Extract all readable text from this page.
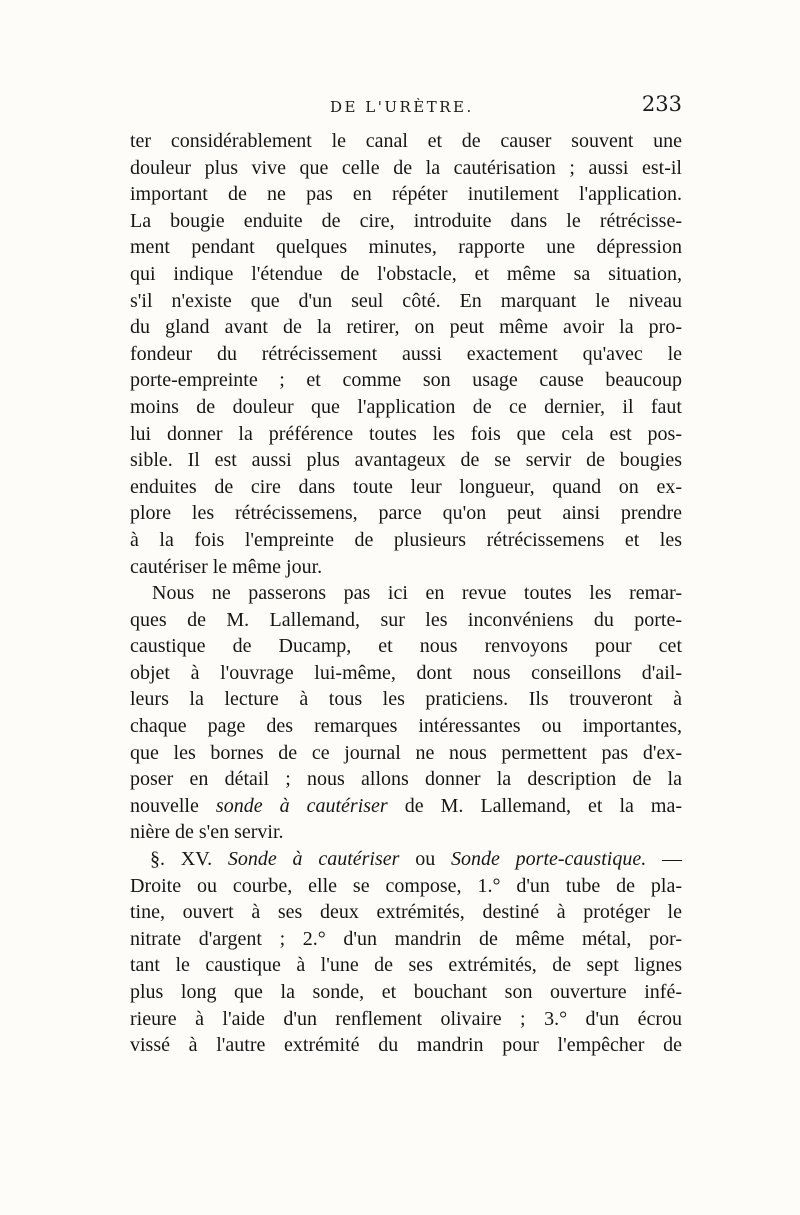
DE L'URÈTRE.	233
ter considérablement le canal et de causer souvent une
douleur plus vive que celle de la cautérisation ; aussi est-il
important de ne pas en répéter inutilement l'application.
La bougie enduite de cire, introduite dans le rétrécisse-
ment pendant quelques minutes, rapporte une dépression
qui indique l'étendue de l'obstacle, et même sa situation,
s'il n'existe que d'un seul côté. En marquant le niveau
du gland avant de la retirer, on peut même avoir la pro-
fondeur du rétrécissement aussi exactement qu'avec le
porte-empreinte ; et comme son usage cause beaucoup
moins de douleur que l'application de ce dernier, il faut
lui donner la préférence toutes les fois que cela est pos-
sible. Il est aussi plus avantageux de se servir de bougies
enduites de cire dans toute leur longueur, quand on ex-
plore les rétrécissemens, parce qu'on peut ainsi prendre
à la fois l'empreinte de plusieurs rétrécissemens et les
cautériser le même jour.
Nous ne passerons pas ici en revue toutes les remar-
ques de M. Lallemand, sur les inconvéniens du porte-
caustique de Ducamp, et nous renvoyons pour cet
objet à l'ouvrage lui-même, dont nous conseillons d'ail-
leurs la lecture à tous les praticiens. Ils trouveront à
chaque page des remarques intéressantes ou importantes,
que les bornes de ce journal ne nous permettent pas d'ex-
poser en détail ; nous allons donner la description de la
nouvelle sonde à cautériser de M. Lallemand, et la ma-
nière de s'en servir.
§. XV. Sonde à cautériser ou Sonde porte-caustique. —
Droite ou courbe, elle se compose, 1.° d'un tube de pla-
tine, ouvert à ses deux extrémités, destiné à protéger le
nitrate d'argent ; 2.° d'un mandrin de même métal, por-
tant le caustique à l'une de ses extrémités, de sept lignes
plus long que la sonde, et bouchant son ouverture infé-
rieure à l'aide d'un renflement olivaire ; 3.° d'un écrou
vissé à l'autre extrémité du mandrin pour l'empêcher de
